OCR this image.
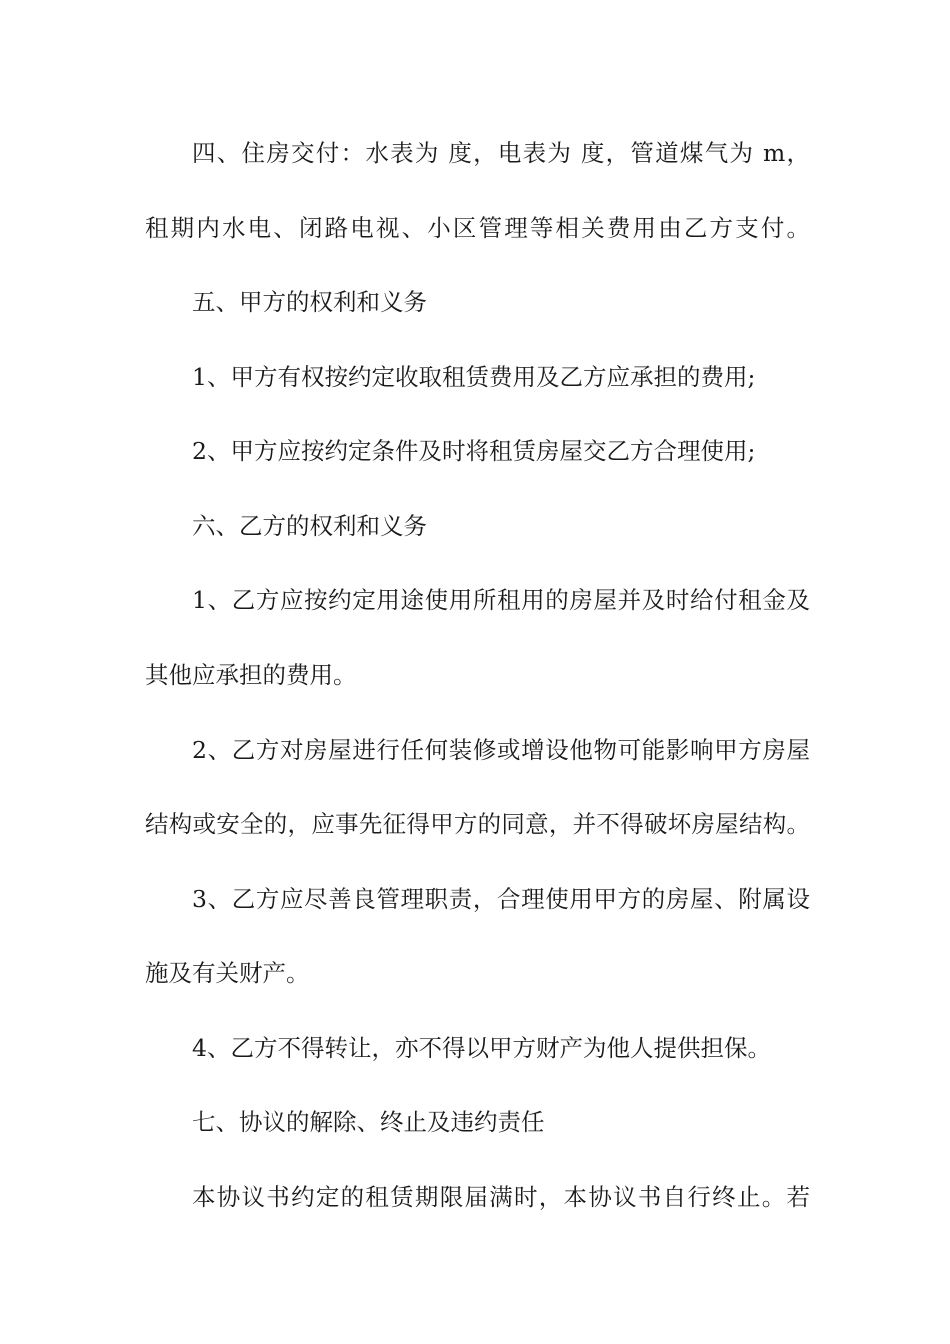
四、住房交付：水表为 度，电表为 度，管道煤气为 m，
租期内水电、闭路电视、小区管理等相关费用由乙方支付。
五、甲方的权利和义务
1、甲方有权按约定收取租赁费用及乙方应承担的费用;
2、甲方应按约定条件及时将租赁房屋交乙方合理使用;
六、乙方的权利和义务
1、乙方应按约定用途使用所租用的房屋并及时给付租金及
其他应承担的费用。
2、乙方对房屋进行任何装修或增设他物可能影响甲方房屋
结构或安全的，应事先征得甲方的同意，并不得破坏房屋结构。
3、乙方应尽善良管理职责，合理使用甲方的房屋、附属设
施及有关财产。
4、乙方不得转让，亦不得以甲方财产为他人提供担保。
七、协议的解除、终止及违约责任
本协议书约定的租赁期限届满时，本协议书自行终止。若
